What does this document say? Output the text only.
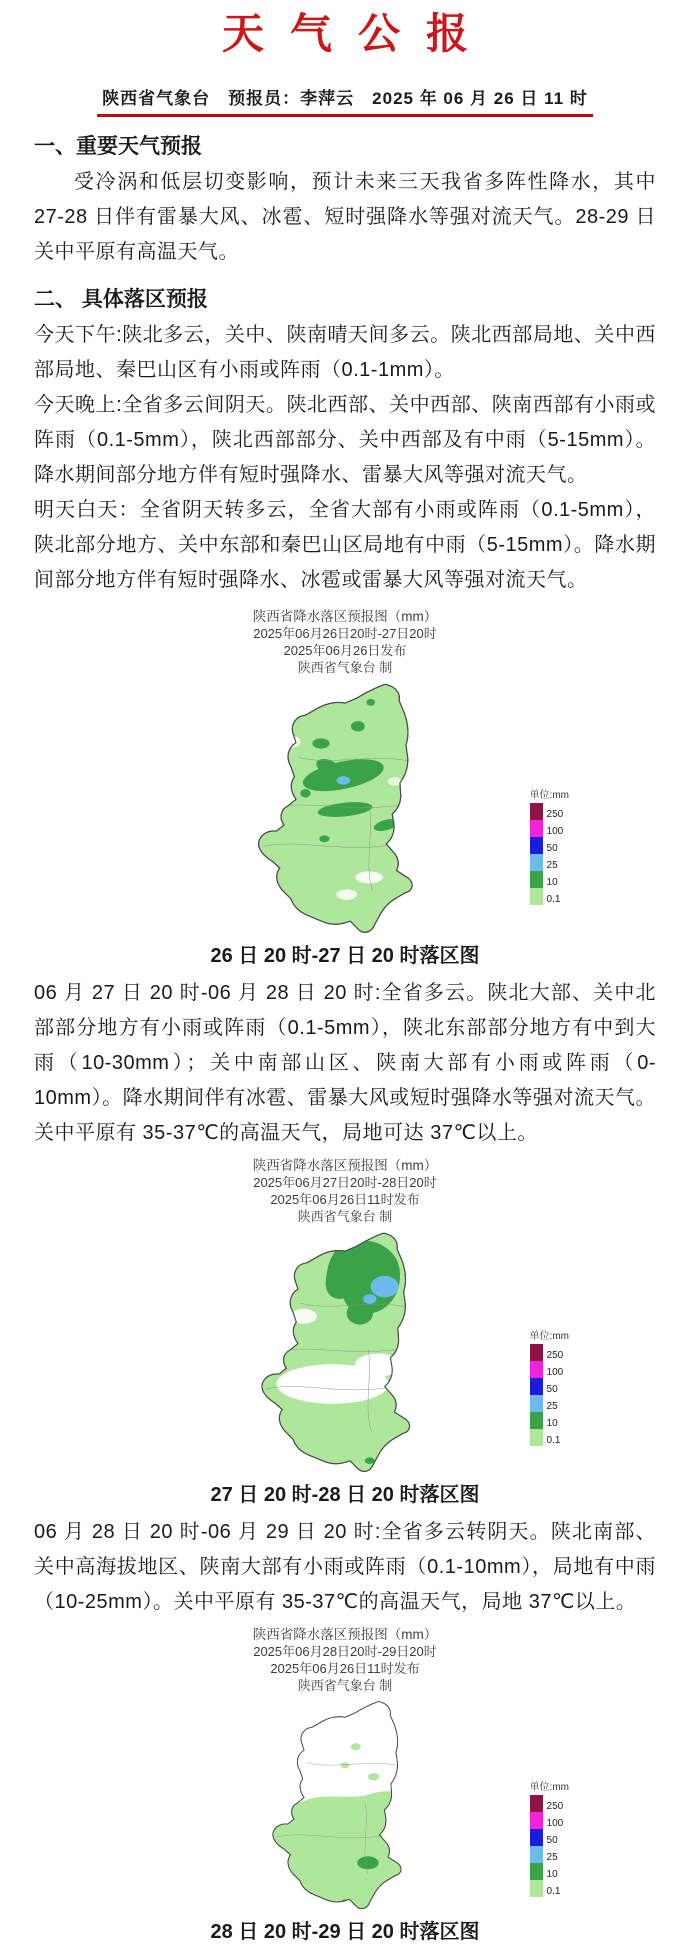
天气公报
陕西省气象台　预报员：李萍云　2025 年 06 月 26 日 11 时
一、重要天气预报

受冷涡和低层切变影响，预计未来三天我省多阵性降水，其中27-28 日伴有雷暴大风、冰雹、短时强降水等强对流天气。28-29 日关中平原有高温天气。

二、 具体落区预报

今天下午:陕北多云，关中、陕南晴天间多云。陕北西部局地、关中西部局地、秦巴山区有小雨或阵雨（0.1-1mm）。

今天晚上:全省多云间阴天。陕北西部、关中西部、陕南西部有小雨或阵雨（0.1-5mm），陕北西部部分、关中西部及有中雨（5-15mm）。降水期间部分地方伴有短时强降水、雷暴大风等强对流天气。

明天白天：全省阴天转多云，全省大部有小雨或阵雨（0.1-5mm），陕北部分地方、关中东部和秦巴山区局地有中雨（5-15mm）。降水期间部分地方伴有短时强降水、冰雹或雷暴大风等强对流天气。

陕西省降水落区预报图（mm）
2025年06月26日20时-27日20时
2025年06月26日发布
陕西省气象台 制
单位:mm
250
100
50
25
10
0.1
26 日 20 时-27 日 20 时落区图

06 月 27 日 20 时-06 月 28 日 20 时:全省多云。陕北大部、关中北部部分地方有小雨或阵雨（0.1-5mm），陕北东部部分地方有中到大雨（10-30mm）；关中南部山区、陕南大部有小雨或阵雨（0-10mm）。降水期间伴有冰雹、雷暴大风或短时强降水等强对流天气。关中平原有 35-37℃的高温天气，局地可达 37℃以上。

陕西省降水落区预报图（mm）
2025年06月27日20时-28日20时
2025年06月26日11时发布
陕西省气象台 制
单位:mm
250
100
50
25
10
0.1
27 日 20 时-28 日 20 时落区图

06 月 28 日 20 时-06 月 29 日 20 时:全省多云转阴天。陕北南部、关中高海拔地区、陕南大部有小雨或阵雨（0.1-10mm），局地有中雨（10-25mm）。关中平原有 35-37℃的高温天气，局地 37℃以上。

陕西省降水落区预报图（mm）
2025年06月28日20时-29日20时
2025年06月26日11时发布
陕西省气象台 制
单位:mm
250
100
50
25
10
0.1
28 日 20 时-29 日 20 时落区图
